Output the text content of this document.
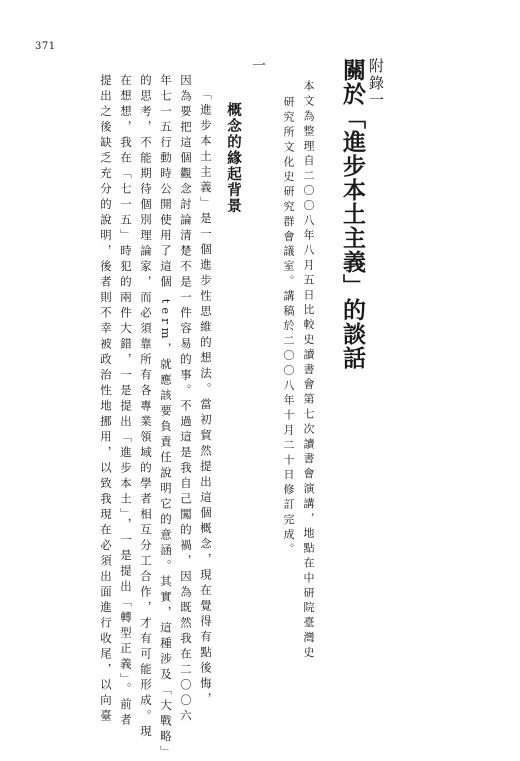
371
附錄一
關於「進步本土主義」的談話
本文為整理自二〇〇八年八月五日比較史讀書會第七次讀書會演講，地點在中研院臺灣史
研究所文化史研究群會議室。講稿於二〇〇八年十月二十日修訂完成。
一
概念的緣起背景
「進步本土主義」是一個進步性思維的想法。當初貿然提出這個概念，現在覺得有點後悔，
因為要把這個觀念討論清楚不是一件容易的事。不過這是我自己闖的禍，因為既然我在二〇〇六
年七一五行動時公開使用了這個 term，就應該要負責任說明它的意涵。其實，這種涉及「大戰略」
的思考，不能期待個別理論家，而必須靠所有各專業領域的學者相互分工合作，才有可能形成。現
在想想，我在「七一五」時犯的兩件大錯，一是提出「進步本土」，一是提出「轉型正義」。前者
提出之後缺乏充分的說明，後者則不幸被政治性地挪用，以致我現在必須出面進行收尾，以向臺
